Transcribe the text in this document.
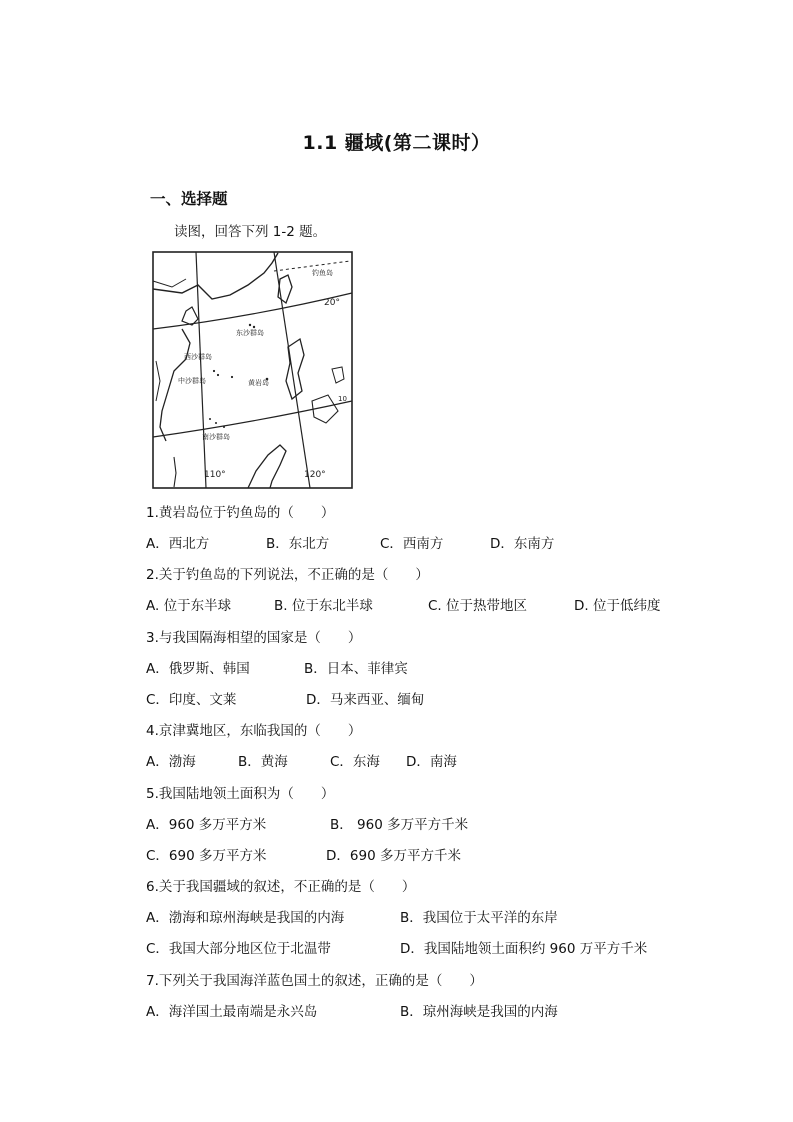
1.1 疆域(第二课时）
一、选择题
读图，回答下列 1-2 题。
钓鱼岛
20°
东沙群岛
西沙群岛
中沙群岛	黄岩岛
南沙群岛
110°	120°
10
1.黄岩岛位于钓鱼岛的（　　）
A．西北方	B．东北方	C．西南方	D．东南方
2.关于钓鱼岛的下列说法，不正确的是（　　）
A. 位于东半球	B. 位于东北半球	C. 位于热带地区	D. 位于低纬度
3.与我国隔海相望的国家是（　　）
A．俄罗斯、韩国	B．日本、菲律宾
C．印度、文莱	D．马来西亚、缅甸
4.京津冀地区，东临我国的（　　）
A．渤海	B．黄海	C．东海 D．南海
5.我国陆地领土面积为（　　）
A．960 多万平方米	B． 960 多万平方千米
C．690 多万平方米	D．690 多万平方千米
6.关于我国疆域的叙述，不正确的是（　　）
A．渤海和琼州海峡是我国的内海	B．我国位于太平洋的东岸
C．我国大部分地区位于北温带	D．我国陆地领土面积约 960 万平方千米
7.下列关于我国海洋蓝色国土的叙述，正确的是（　　）
A．海洋国土最南端是永兴岛	B．琼州海峡是我国的内海
